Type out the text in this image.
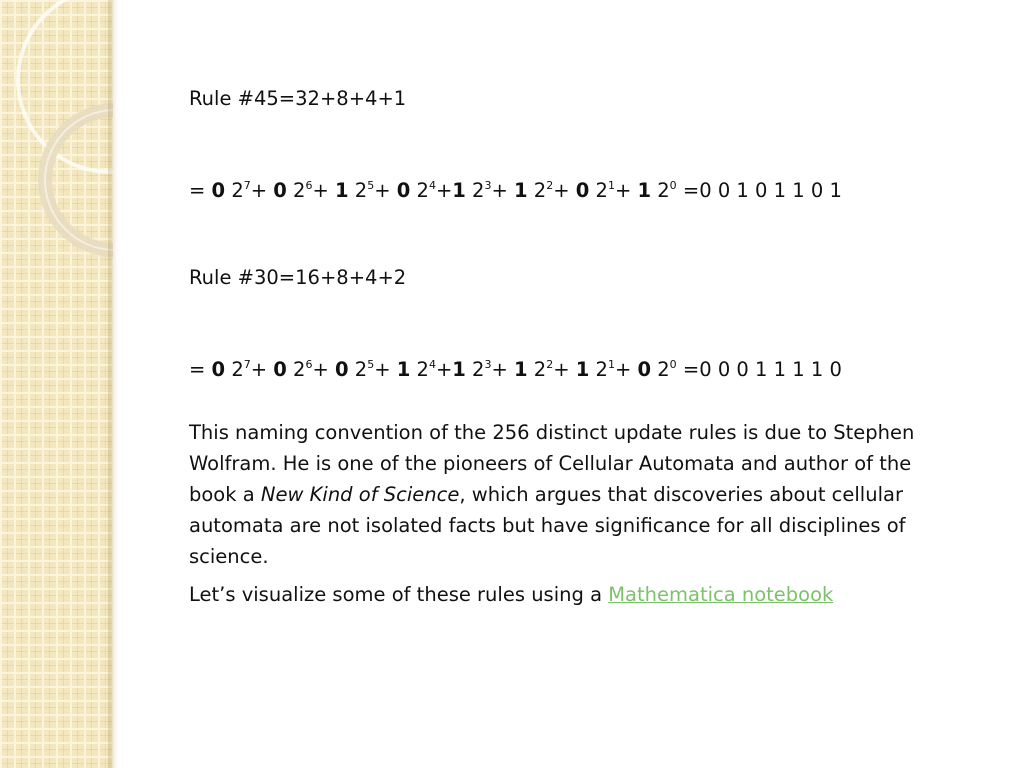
Rule #45=32+8+4+1
= 0 $2^7+ 0$ $2^6+ 1$ $2^5+ 0$ $2^4+1$ $2^3+ 1$ $2^2+ 0$ $2^1+ 1$ $2^0 =0$ 0 1 0 1 1 0 1
Rule #30=16+8+4+2
= 0 $2^7+ 0$ $2^6+ 0$ $2^5+ 1$ $2^4+1$ $2^3+ 1$ $2^2+ 1$ $2^1+ 0$ $2^0 =0$ 0 0 1 1 1 1 0
This naming convention of the 256 distinct update rules is due to Stephen Wolfram. He is one of the pioneers of Cellular Automata and author of the book a New Kind of Science, which argues that discoveries about cellular automata are not isolated facts but have significance for all disciplines of science.
Let’s visualize some of these rules using a Mathematica notebook
